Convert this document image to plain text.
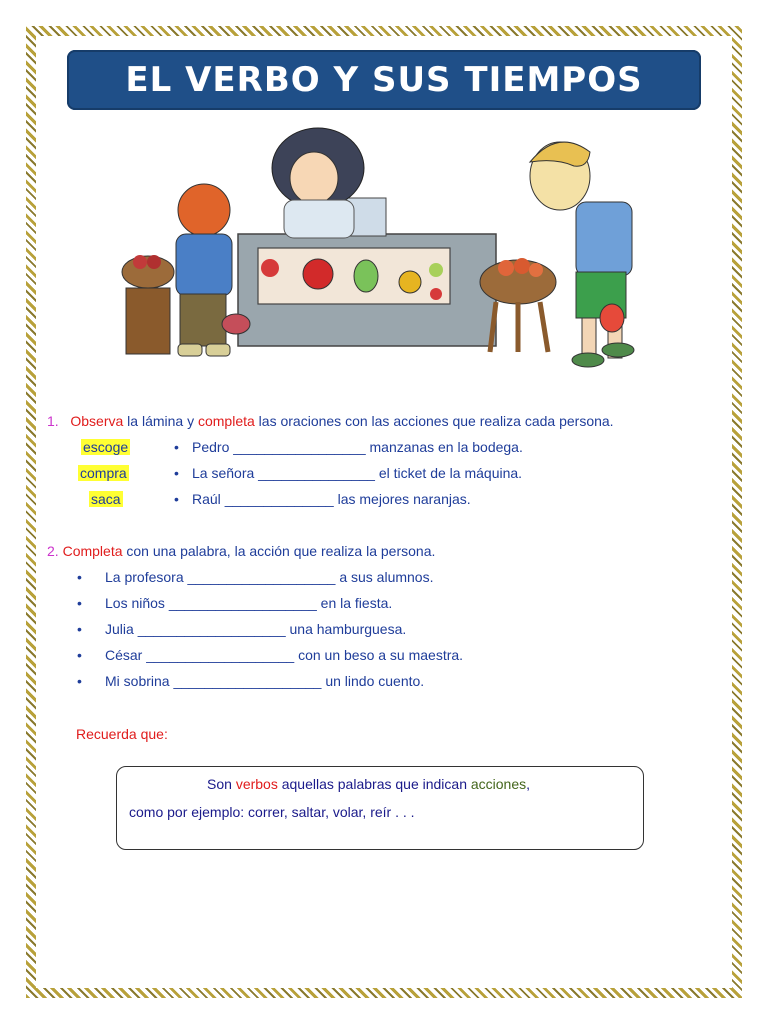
EL VERBO Y SUS TIEMPOS
1. Observa la lámina y completa las oraciones con las acciones que realiza cada persona.
escoge
compra
saca
• Pedro _________________ manzanas en la bodega.
• La señora _______________ el ticket de la máquina.
• Raúl ______________ las mejores naranjas.
2. Completa con una palabra, la acción que realiza la persona.
• La profesora ___________________ a sus alumnos.
• Los niños ___________________ en la fiesta.
• Julia ___________________ una hamburguesa.
• César ___________________ con un beso a su maestra.
• Mi sobrina ___________________ un lindo cuento.
Recuerda que:
Son verbos aquellas palabras que indican acciones,
como por ejemplo: correr, saltar, volar, reír . . .
